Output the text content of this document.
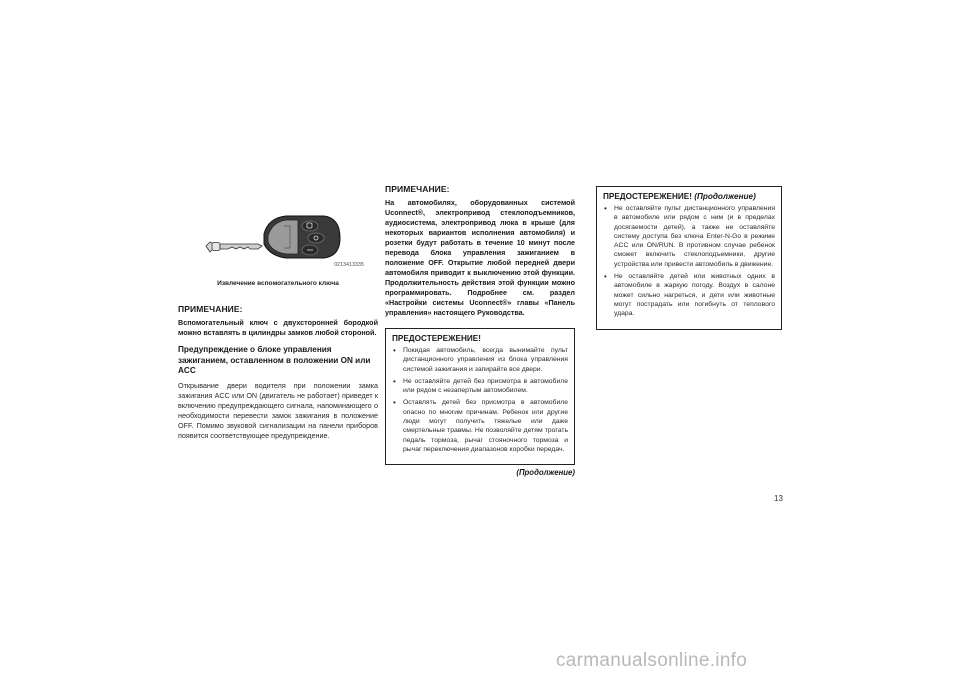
0213413335
Извлечение вспомогательного ключа
ПРИМЕЧАНИЕ:

Вспомогательный ключ с двухсторонней бородкой можно вставлять в цилиндры замков любой стороной.

Предупреждение о блоке управления зажиганием, оставленном в положении ON или ACC

Открывание двери водителя при положении замка зажигания ACC или ON (двигатель не работает) приведет к включению предупреждающего сигнала, напоминающего о необходимости перевести замок зажигания в положение OFF. Помимо звуковой сигнализации на панели приборов появится соответствующее предупреждение.

ПРИМЕЧАНИЕ:

На автомобилях, оборудованных системой Uconnect®, электропривод стеклоподъемников, аудиосистема, электропривод люка в крыше (для некоторых вариантов исполнения автомобиля) и розетки будут работать в течение 10 минут после перевода блока управления зажиганием в положение OFF. Открытие любой передней двери автомобиля приводит к выключению этой функции. Продолжительность действия этой функции можно программировать. Подробнее см. раздел «Настройки системы Uconnect®» главы «Панель управления» настоящего Руководства.

ПРЕДОСТЕРЕЖЕНИЕ!
• Покидая автомобиль, всегда вынимайте пульт дистанционного управления из блока управления системой зажигания и запирайте все двери.
• Не оставляйте детей без присмотра в автомобиле или рядом с незапертым автомобилем.
• Оставлять детей без присмотра в автомобиле опасно по многим причинам. Ребенок или другие люди могут получить тяжелые или даже смертельные травмы. Не позволяйте детям трогать педаль тормоза, рычаг стояночного тормоза и рычаг переключения диапазонов коробки передач.
(Продолжение)
ПРЕДОСТЕРЕЖЕНИЕ! (Продолжение)
• Не оставляйте пульт дистанционного управления в автомобиле или рядом с ним (и в пределах досягаемости детей), а также не оставляйте систему доступа без ключа Enter-N-Go в режиме ACC или ON/RUN. В противном случае ребенок сможет включить стеклоподъемники, другие устройства или привести автомобиль в движение.
• Не оставляйте детей или животных одних в автомобиле в жаркую погоду. Воздух в салоне может сильно нагреться, и дети или животные могут пострадать или погибнуть от теплового удара.
13
carmanualsonline.info
